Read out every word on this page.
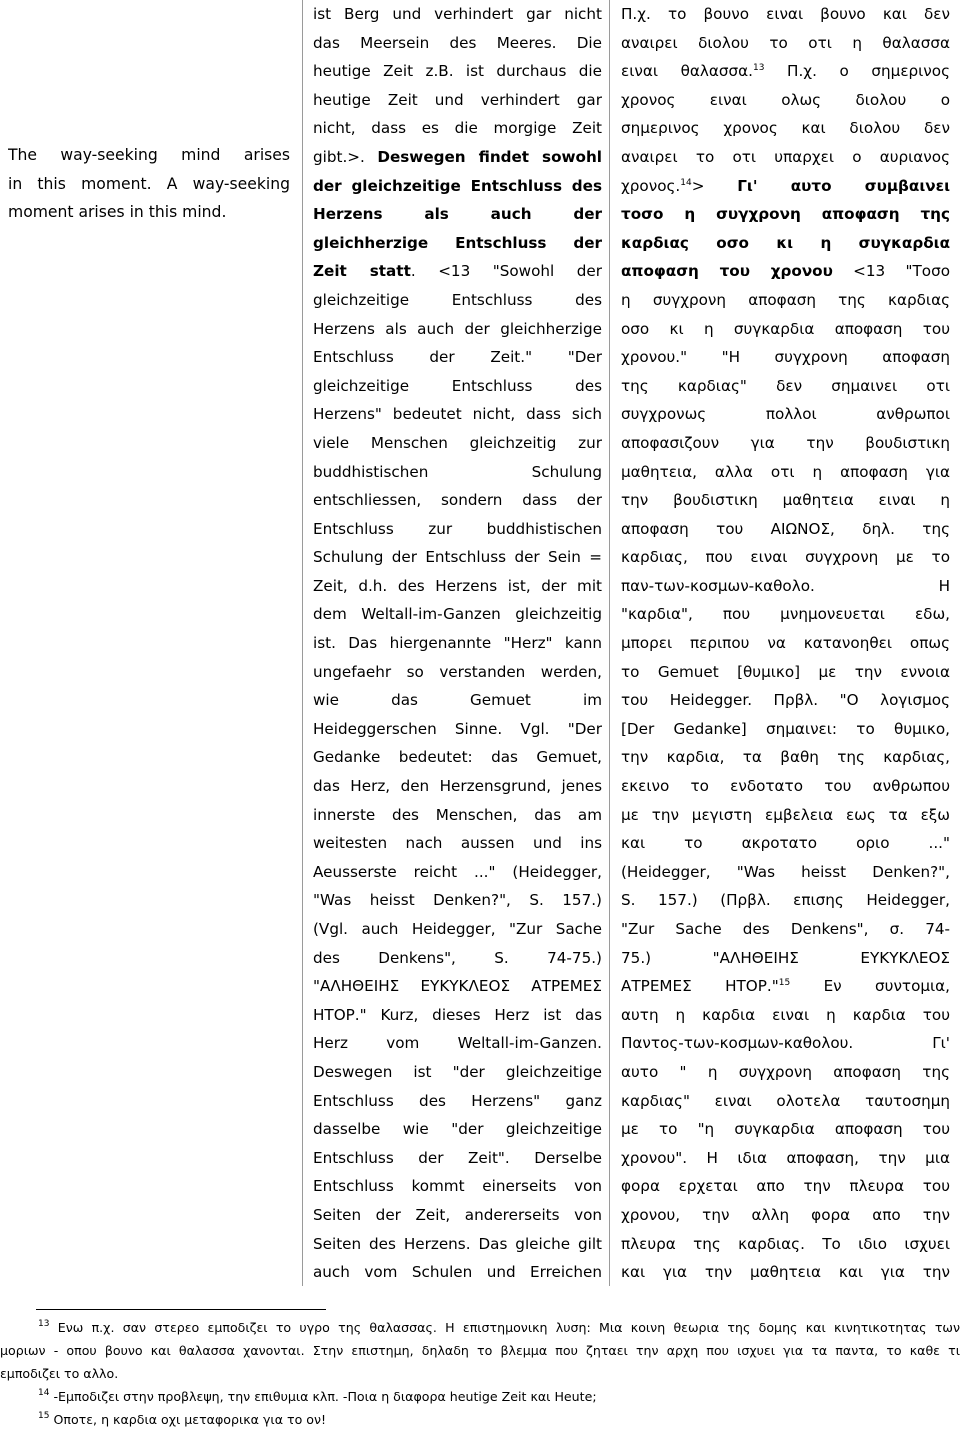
The way-seeking mind arises
in this moment. A way-seeking
moment arises in this mind.
ist Berg und verhindert gar nicht
das Meersein des Meeres. Die
heutige Zeit z.B. ist durchaus die
heutige Zeit und verhindert gar
nicht, dass es die morgige Zeit
gibt.>. Deswegen findet sowohl
der gleichzeitige Entschluss des
Herzens als auch der
gleichherzige Entschluss der
Zeit statt. <13 "Sowohl der
gleichzeitige Entschluss des
Herzens als auch der gleichherzige
Entschluss der Zeit." "Der
gleichzeitige Entschluss des
Herzens" bedeutet nicht, dass sich
viele Menschen gleichzeitig zur
buddhistischen Schulung
entschliessen, sondern dass der
Entschluss zur buddhistischen
Schulung der Entschluss der Sein =
Zeit, d.h. des Herzens ist, der mit
dem Weltall-im-Ganzen gleichzeitig
ist. Das hiergenannte "Herz" kann
ungefaehr so verstanden werden,
wie das Gemuet im
Heideggerschen Sinne. Vgl. "Der
Gedanke bedeutet: das Gemuet,
das Herz, den Herzensgrund, jenes
innerste des Menschen, das am
weitesten nach aussen und ins
Aeusserste reicht ..." (Heidegger,
"Was heisst Denken?", S. 157.)
(Vgl. auch Heidegger, "Zur Sache
des Denkens", S. 74-75.)
"ΑΛΗΘΕΙΗΣ ΕΥΚΥΚΛΕΟΣ ΑΤΡΕΜΕΣ
ΗΤΟΡ." Kurz, dieses Herz ist das
Herz vom Weltall-im-Ganzen.
Deswegen ist "der gleichzeitige
Entschluss des Herzens" ganz
dasselbe wie "der gleichzeitige
Entschluss der Zeit". Derselbe
Entschluss kommt einerseits von
Seiten der Zeit, andererseits von
Seiten des Herzens. Das gleiche gilt
auch vom Schulen und Erreichen
Π.χ. το βουνο ειναι βουνο και δεν
αναιρει διολου το οτι η θαλασσα
ειναι θαλασσα.$^{13}$ Π.χ. ο σημερινος
χρονος ειναι ολως διολου ο
σημερινος χρονος και διολου δεν
αναιρει το οτι υπαρχει ο αυριανος
χρονος.$^{14}$> Γι' αυτο συμβαινει
τοσο η συγχρονη αποφαση της
καρδιας οσο κι η συγκαρδια
αποφαση του χρονου <13 "Τοσο
η συγχρονη αποφαση της καρδιας
οσο κι η συγκαρδια αποφαση του
χρονου." "Η συγχρονη αποφαση
της καρδιας" δεν σημαινει οτι
συγχρονως πολλοι ανθρωποι
αποφασιζουν για την βουδιστικη
μαθητεια, αλλα οτι η αποφαση για
την βουδιστικη μαθητεια ειναι η
αποφαση του ΑΙΩΝΟΣ, δηλ. της
καρδιας, που ειναι συγχρονη με το
παν-των-κοσμων-καθολο. Η
"καρδια", που μνημονευεται εδω,
μπορει περιπου να κατανοηθει οπως
το Gemuet [θυμικο] με την εννοια
του Heidegger. Πρβλ. "Ο λογισμος
[Der Gedanke] σημαινει: το θυμικο,
την καρδια, τα βαθη της καρδιας,
εκεινο το ενδοτατο του ανθρωπου
με την μεγιστη εμβελεια εως τα εξω
και το ακροτατο οριο ..."
(Heidegger, "Was heisst Denken?",
S. 157.) (Πρβλ. επισης Heidegger,
"Zur Sache des Denkens", σ. 74-
75.) "ΑΛΗΘΕΙΗΣ ΕΥΚΥΚΛΕΟΣ
ΑΤΡΕΜΕΣ ΗΤΟΡ."$^{15}$ Εν συντομια,
αυτη η καρδια ειναι η καρδια του
Παντος-των-κοσμων-καθολου. Γι'
αυτο " η συγχρονη αποφαση της
καρδιας" ειναι ολοτελα ταυτοσημη
με το "η συγκαρδια αποφαση του
χρονου". Η ιδια αποφαση, την μια
φορα ερχεται απο την πλευρα του
χρονου, την αλλη φορα απο την
πλευρα της καρδιας. Το ιδιο ισχυει
και για την μαθητεια και για την
$^{13}$ Ενω π.χ. σαν στερεο εμποδιζει το υγρο της θαλασσας. Η επιστημονικη λυση: Μια κοινη θεωρια της δομης και κινητικοτητας των
μοριων - οπου βουνο και θαλασσα χανονται. Στην επιστημη, δηλαδη το βλεμμα που ζηταει την αρχη που ισχυει για τα παντα, το καθε τι
εμποδιζει το αλλο.
$^{14}$ -Εμποδιζει στην προβλεψη, την επιθυμια κλπ. -Ποια η διαφορα heutige Zeit και Heute;
$^{15}$ Οποτε, η καρδια οχι μεταφορικα για το ον!
